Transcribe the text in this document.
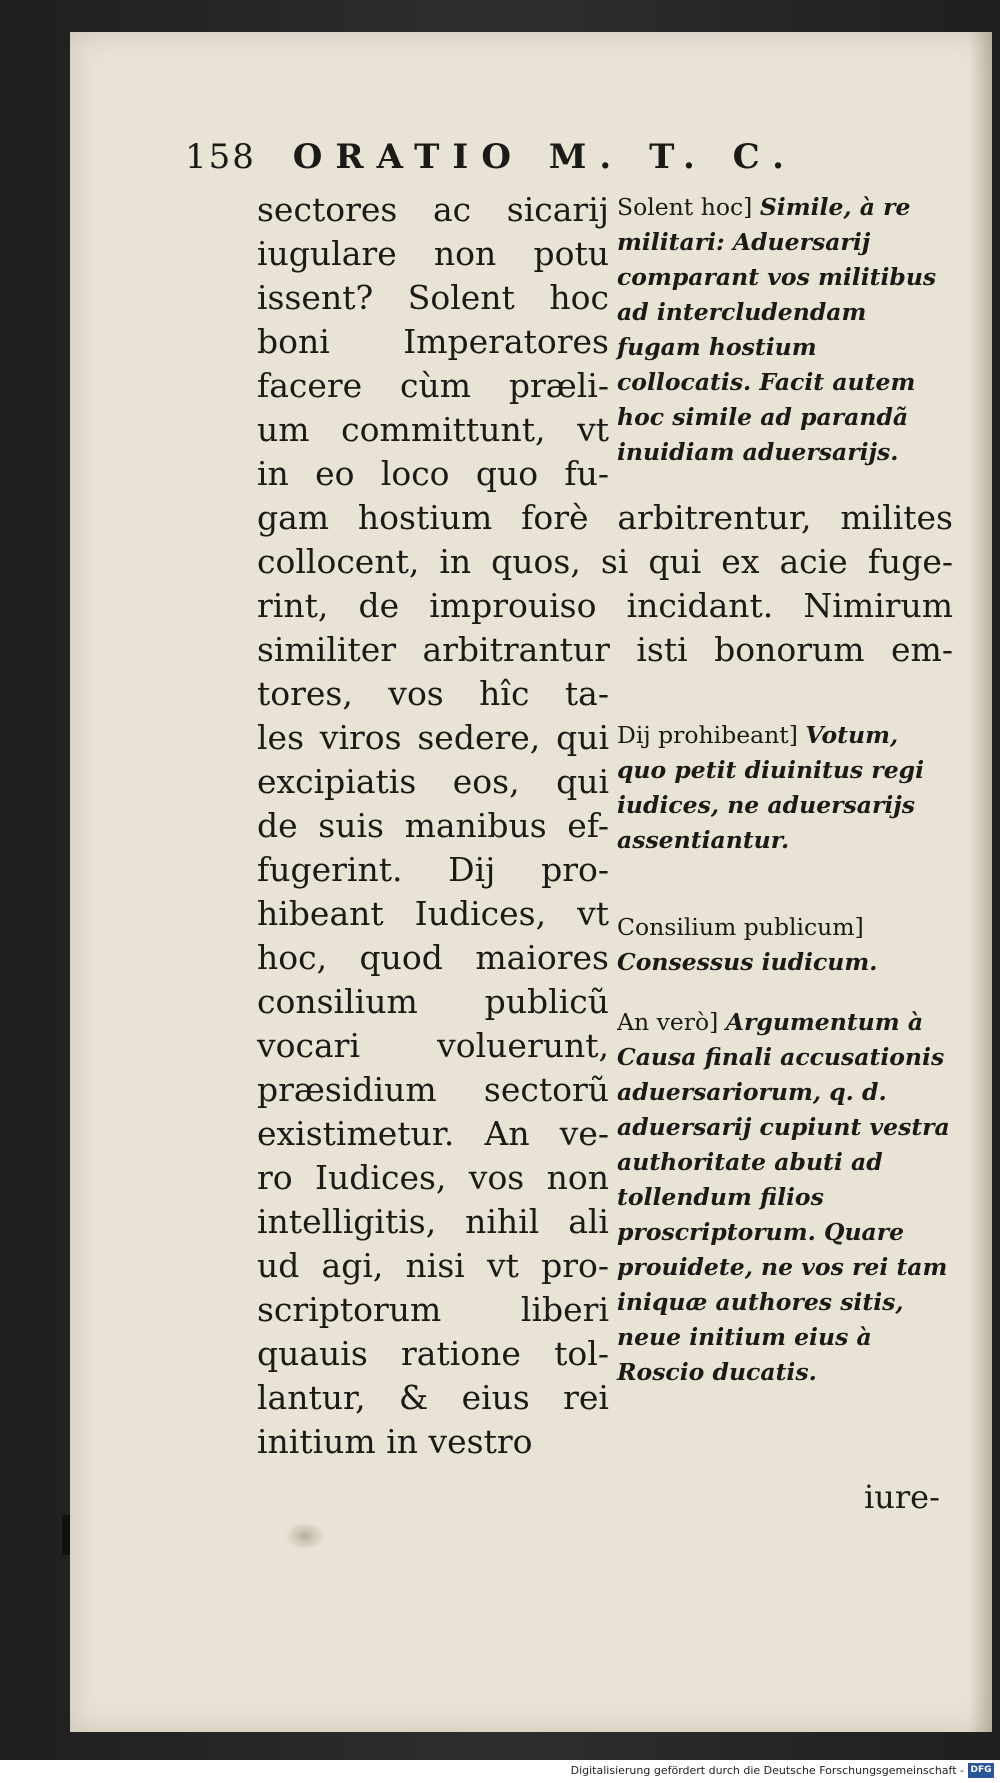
158 ORATIO M. T. C.
sectores ac sicarij
iugulare non potu
issent? Solent hoc
boni Imperatores
facere cùm præli-
um committunt, vt
in eo loco quo fu-
gam hostium forè arbitrentur, milites
collocent, in quos, si qui ex acie fuge-
rint, de improuiso incidant. Nimirum
similiter arbitrantur isti bonorum em-
tores, vos hîc ta-
les viros sedere, qui
excipiatis eos, qui
de suis manibus ef-
fugerint. Dij pro-
hibeant Iudices, vt
hoc, quod maiores
consilium publicũ
vocari voluerunt,
præsidium sectorũ
existimetur. An ve-
ro Iudices, vos non
intelligitis, nihil ali
ud agi, nisi vt pro-
scriptorum liberi
quauis ratione tol-
lantur, & eius rei
initium in vestro
Solent hoc] Simile, à re militari: Aduersarij comparant vos militibus ad intercludendam fugam hostium collocatis. Facit autem hoc simile ad parandã inuidiam aduersarijs.
Dij prohibeant] Votum, quo petit diuinitus regi iudices, ne aduersarijs assentiantur.
Consilium publicum] Consessus iudicum.
An verò] Argumentum à Causa finali accusationis aduersariorum, q. d. aduersarij cupiunt vestra authoritate abuti ad tollendum filios proscriptorum. Quare prouidete, ne vos rei tam iniquæ authores sitis, neue initium eius à Roscio ducatis.
iure-
Digitalisierung gefördert durch die Deutsche Forschungsgemeinschaft - DFG
